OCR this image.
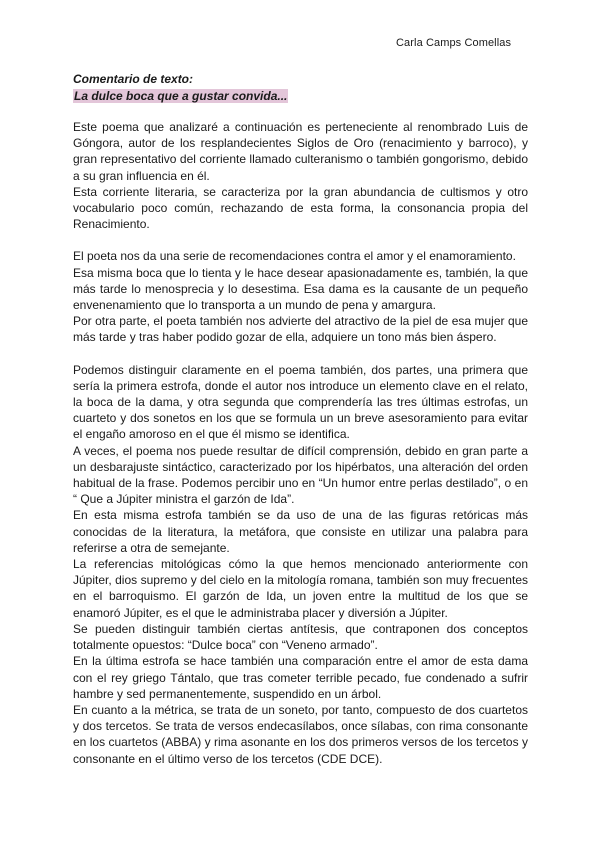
Carla Camps Comellas

Comentario de texto:

La dulce boca que a gustar convida...

Este poema que analizaré a continuación es perteneciente al renombrado Luis de Góngora, autor de los resplandecientes Siglos de Oro (renacimiento y barroco), y gran representativo del corriente llamado culteranismo o también gongorismo, debido a su gran influencia en él.

Esta corriente literaria, se caracteriza por la gran abundancia de cultismos y otro vocabulario poco común, rechazando de esta forma, la consonancia propia del Renacimiento.

El poeta nos da una serie de recomendaciones contra el amor y el enamoramiento.

Esa misma boca que lo tienta y le hace desear apasionadamente es, también, la que más tarde lo menosprecia y lo desestima. Esa dama es la causante de un pequeño envenenamiento que lo transporta a un mundo de pena y amargura.

Por otra parte, el poeta también nos advierte del atractivo de la piel de esa mujer que más tarde y tras haber podido gozar de ella, adquiere un tono más bien áspero.

Podemos distinguir claramente en el poema también, dos partes, una primera que sería la primera estrofa, donde el autor nos introduce un elemento clave en el relato, la boca de la dama, y otra segunda que comprendería las tres últimas estrofas, un cuarteto y dos sonetos en los que se formula un un breve asesoramiento para evitar el engaño amoroso en el que él mismo se identifica.

A veces, el poema nos puede resultar de difícil comprensión, debido en gran parte a un desbarajuste sintáctico, caracterizado por los hipérbatos, una alteración del orden habitual de la frase. Podemos percibir uno en “Un humor entre perlas destilado”, o en “ Que a Júpiter ministra el garzón de Ida”.

En esta misma estrofa también se da uso de una de las figuras retóricas más conocidas de la literatura, la metáfora, que consiste en utilizar una palabra para referirse a otra de semejante.

La referencias mitológicas cómo la que hemos mencionado anteriormente con Júpiter, dios supremo y del cielo en la mitología romana, también son muy frecuentes en el barroquismo. El garzón de Ida, un joven entre la multitud de los que se enamoró Júpiter, es el que le administraba placer y diversión a Júpiter.

Se pueden distinguir también ciertas antítesis, que contraponen dos conceptos totalmente opuestos: “Dulce boca” con “Veneno armado”.

En la última estrofa se hace también una comparación entre el amor de esta dama con el rey griego Tántalo, que tras cometer terrible pecado, fue condenado a sufrir hambre y sed permanentemente, suspendido en un árbol.

En cuanto a la métrica, se trata de un soneto, por tanto, compuesto de dos cuartetos y dos tercetos. Se trata de versos endecasílabos, once sílabas, con rima consonante en los cuartetos (ABBA) y rima asonante en los dos primeros versos de los tercetos y consonante en el último verso de los tercetos (CDE DCE).
